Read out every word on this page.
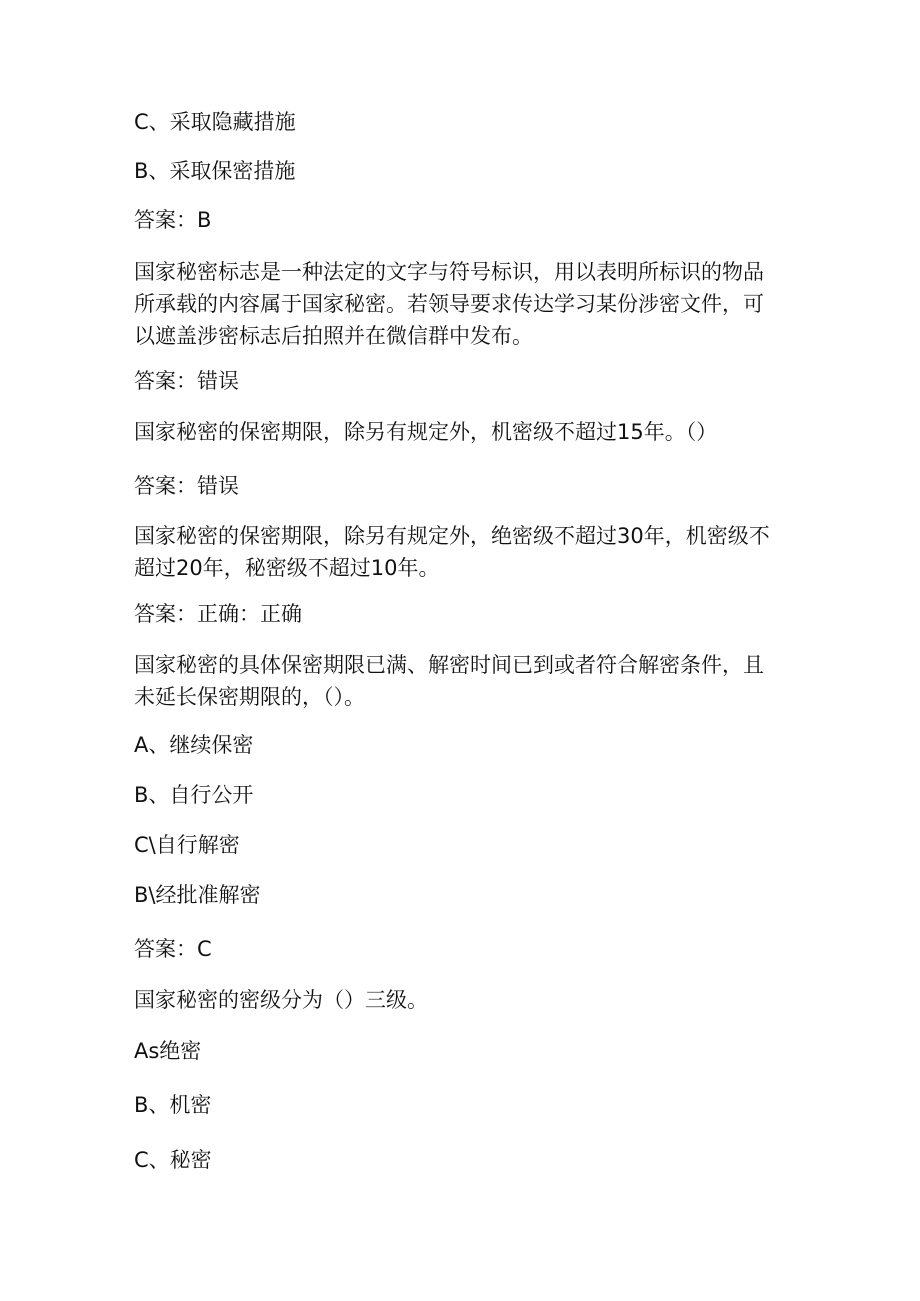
C、采取隐藏措施
B、采取保密措施
答案：B
国家秘密标志是一种法定的文字与符号标识，用以表明所标识的物品
所承载的内容属于国家秘密。若领导要求传达学习某份涉密文件，可
以遮盖涉密标志后拍照并在微信群中发布。
答案：错误
国家秘密的保密期限，除另有规定外，机密级不超过15年。（）
答案：错误
国家秘密的保密期限，除另有规定外，绝密级不超过30年，机密级不
超过20年，秘密级不超过10年。
答案：正确：正确
国家秘密的具体保密期限已满、解密时间已到或者符合解密条件，且
未延长保密期限的，（）。
A、继续保密
B、自行公开
C\自行解密
B\经批准解密
答案：C
国家秘密的密级分为（）三级。
As绝密
B、机密
C、秘密
